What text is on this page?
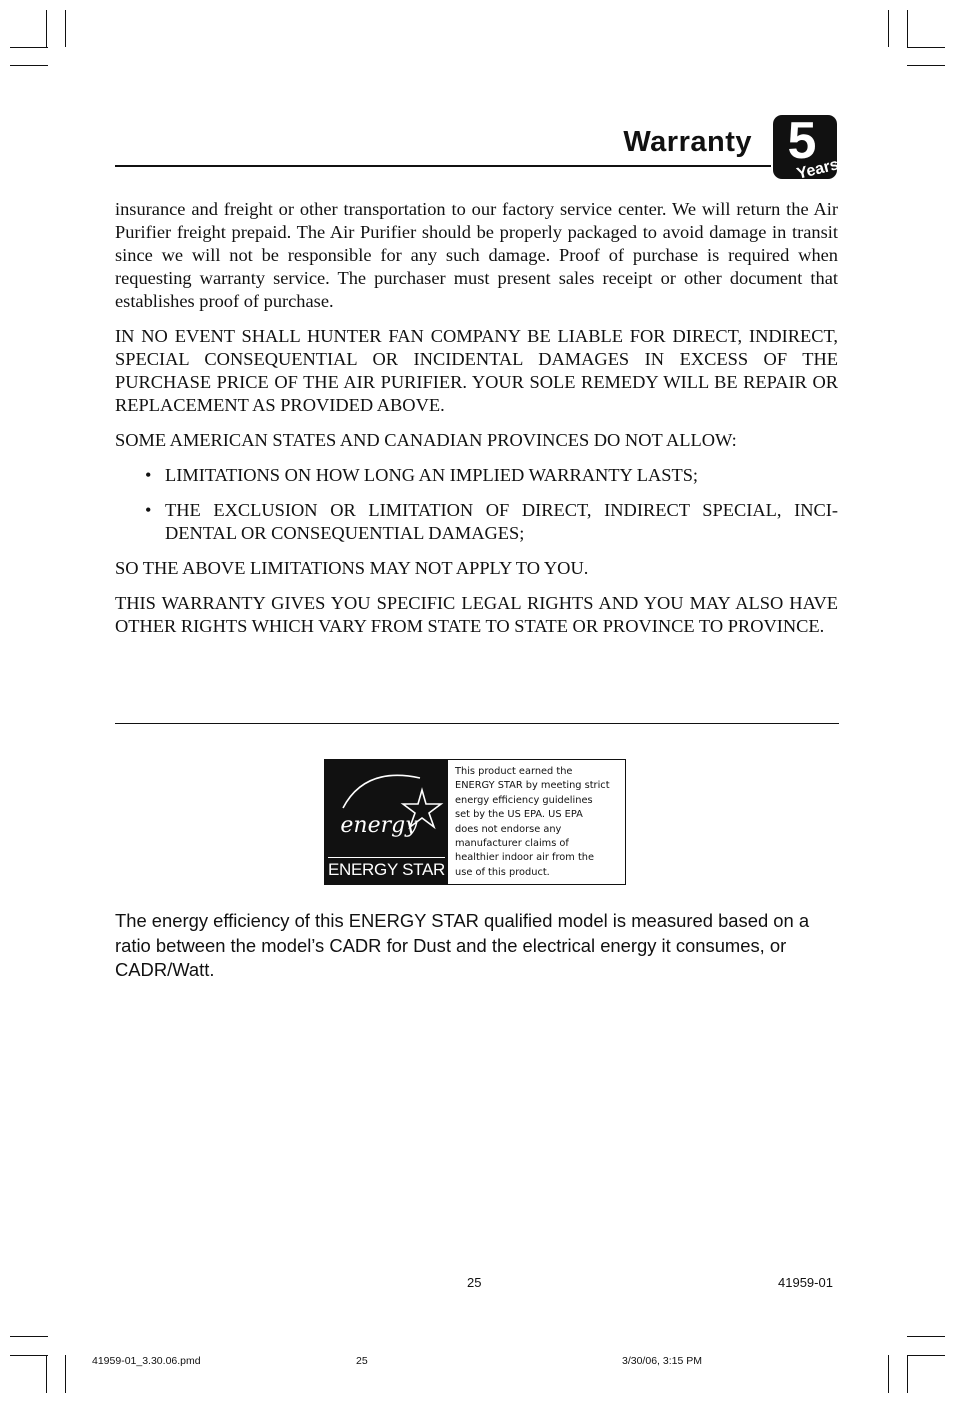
Warranty 5
Years

insurance and freight or other transportation to our factory service center. We will return the Air Purifier freight prepaid. The Air Purifier should be properly packaged to avoid damage in transit since we will not be responsible for any such damage. Proof of purchase is required when requesting warranty service. The purchaser must present sales receipt or other document that establishes proof of purchase.

IN NO EVENT SHALL HUNTER FAN COMPANY BE LIABLE FOR DIRECT, INDIRECT, SPECIAL CONSEQUENTIAL OR INCIDENTAL DAMAGES IN EXCESS OF THE PURCHASE PRICE OF THE AIR PURIFIER. YOUR SOLE REMEDY WILL BE REPAIR OR REPLACEMENT AS PROVIDED ABOVE.

SOME AMERICAN STATES AND CANADIAN PROVINCES DO NOT ALLOW:

• LIMITATIONS ON HOW LONG AN IMPLIED WARRANTY LASTS;
• THE EXCLUSION OR LIMITATION OF DIRECT, INDIRECT SPECIAL, INCIDENTAL OR CONSEQUENTIAL DAMAGES;

SO THE ABOVE LIMITATIONS MAY NOT APPLY TO YOU.

THIS WARRANTY GIVES YOU SPECIFIC LEGAL RIGHTS AND YOU MAY ALSO HAVE OTHER RIGHTS WHICH VARY FROM STATE TO STATE OR PROVINCE TO PROVINCE.

energy
ENERGY STAR
This product earned the
ENERGY STAR by meeting strict
energy efficiency guidelines
set by the US EPA. US EPA
does not endorse any
manufacturer claims of
healthier indoor air from the
use of this product.
The energy efficiency of this ENERGY STAR qualified model is measured based on a ratio between the model’s CADR for Dust and the electrical energy it consumes, or CADR/Watt.
25	41959-01
41959-01_3.30.06.pmd	25	3/30/06, 3:15 PM
